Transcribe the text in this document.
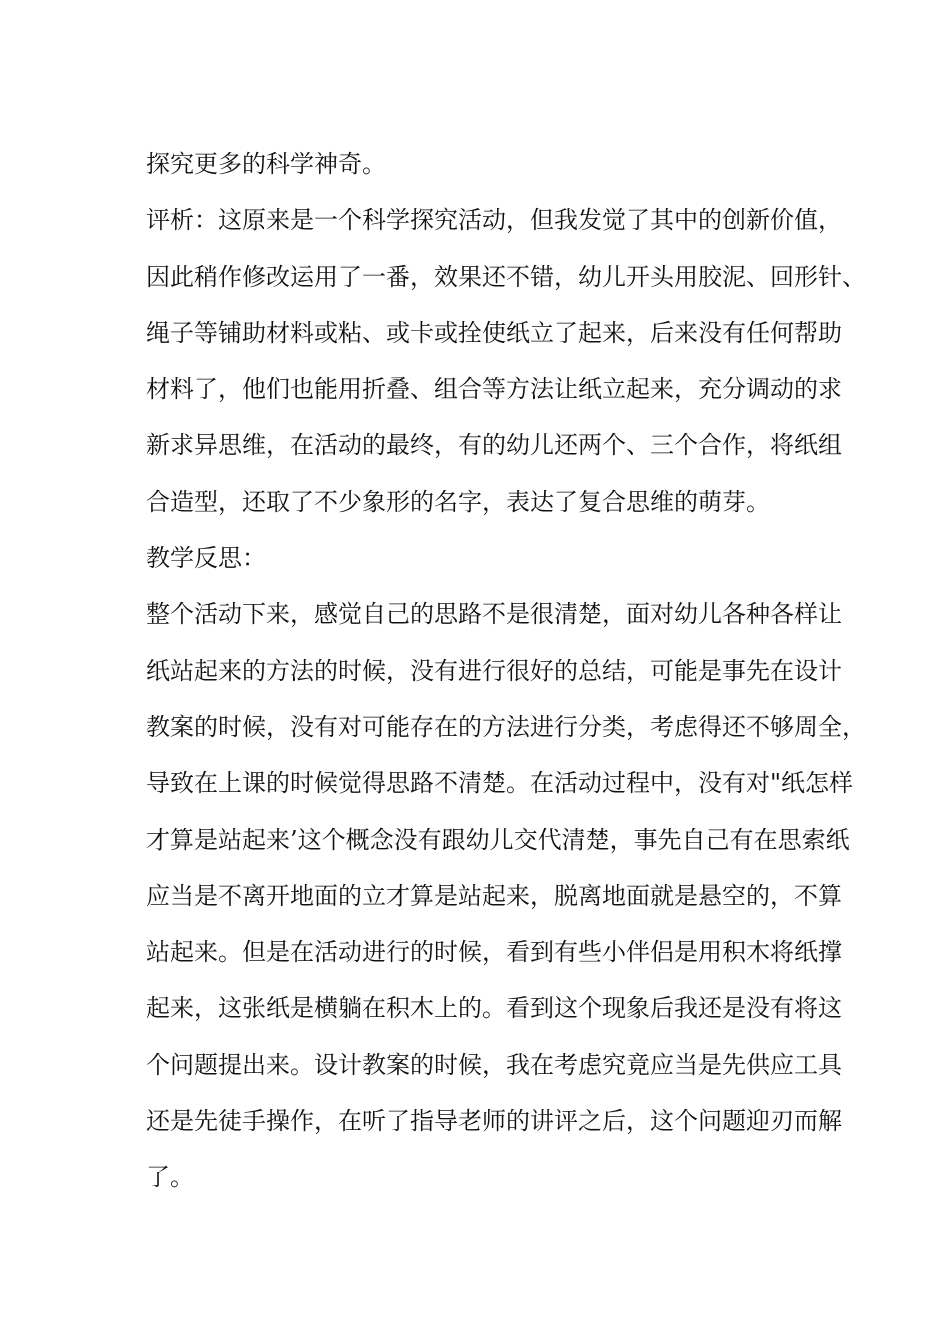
探究更多的科学神奇。
评析：这原来是一个科学探究活动，但我发觉了其中的创新价值，
因此稍作修改运用了一番，效果还不错，幼儿开头用胶泥、回形针、
绳子等铺助材料或粘、或卡或拴使纸立了起来，后来没有任何帮助
材料了，他们也能用折叠、组合等方法让纸立起来，充分调动的求
新求异思维，在活动的最终，有的幼儿还两个、三个合作，将纸组
合造型，还取了不少象形的名字，表达了复合思维的萌芽。
教学反思：
整个活动下来，感觉自己的思路不是很清楚，面对幼儿各种各样让
纸站起来的方法的时候，没有进行很好的总结，可能是事先在设计
教案的时候，没有对可能存在的方法进行分类，考虑得还不够周全，
导致在上课的时候觉得思路不清楚。在活动过程中，没有对"纸怎样
才算是站起来’这个概念没有跟幼儿交代清楚，事先自己有在思索纸
应当是不离开地面的立才算是站起来，脱离地面就是悬空的，不算
站起来。但是在活动进行的时候，看到有些小伴侣是用积木将纸撑
起来，这张纸是横躺在积木上的。看到这个现象后我还是没有将这
个问题提出来。设计教案的时候，我在考虑究竟应当是先供应工具
还是先徒手操作，在听了指导老师的讲评之后，这个问题迎刃而解
了。
